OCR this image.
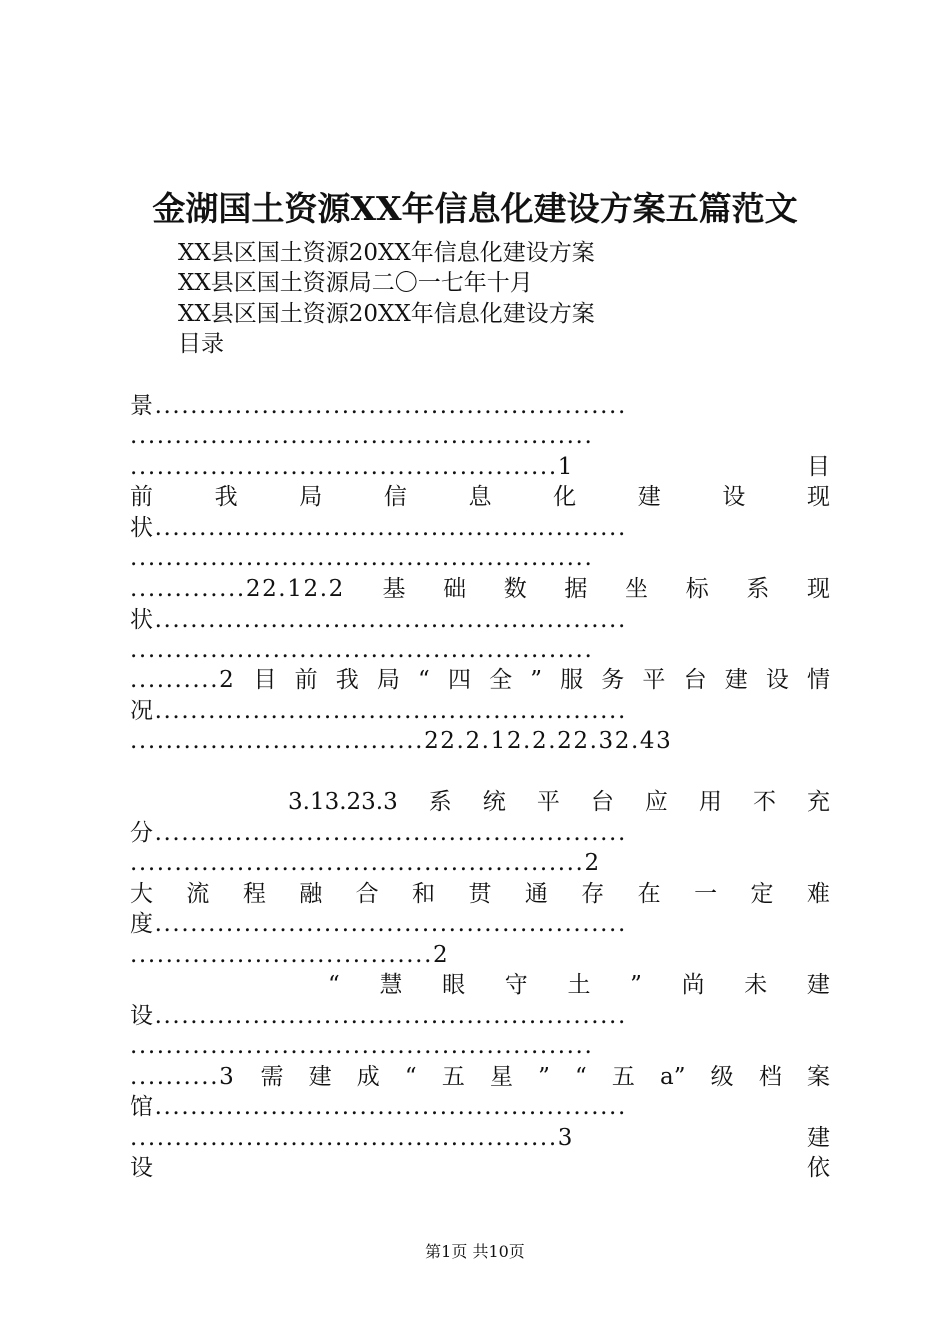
金湖国土资源XX年信息化建设方案五篇范文
XX县区国土资源20XX年信息化建设方案
XX县区国土资源局二〇一七年十月
XX县区国土资源20XX年信息化建设方案
目录
景.....................................................
....................................................
................................................1	目
前	我	局	信	息	化	建	设	现
状.....................................................
....................................................
.............22.12.2 基 础 数 据 坐 标 系 现
状.....................................................
....................................................
..........2 目 前 我 局 “ 四 全 ” 服 务 平 台 建 设 情
况.....................................................
.................................22.2.12.2.22.32.43
3.13.23.3 系 统 平 台 应 用 不 充
分.....................................................
...................................................2
大 流 程 融 合 和 贯 通 存 在 一 定 难
度.....................................................
..................................2
“ 慧 眼 守 土 ” 尚 未 建
设.....................................................
....................................................
..........3 需 建 成 “ 五 星 ” “ 五 a” 级 档 案
馆.....................................................
................................................3	建
设	依
第1页 共10页
